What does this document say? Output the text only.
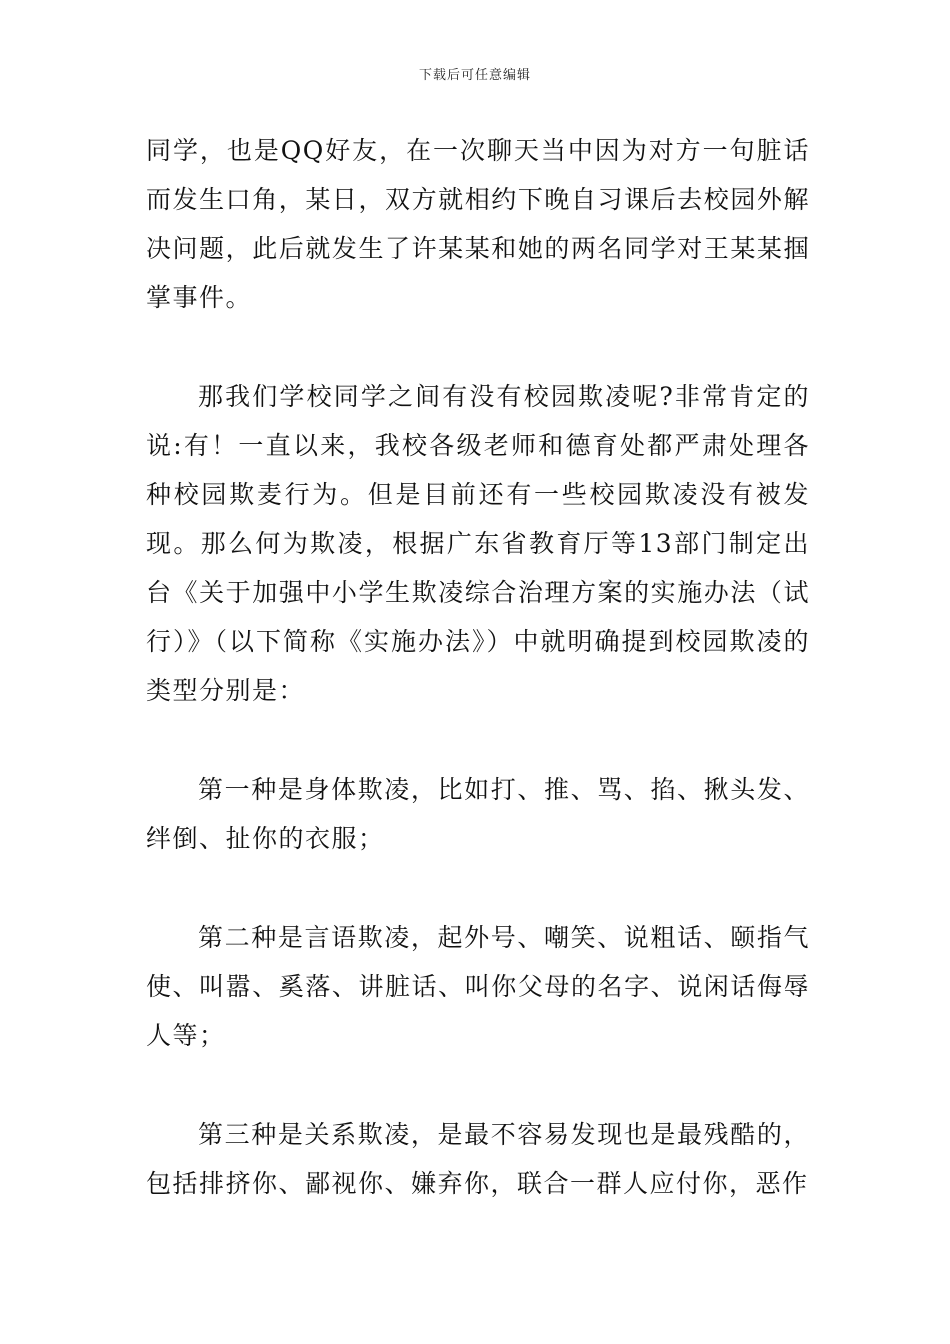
下载后可任意编辑

同学，也是QQ好友，在一次聊天当中因为对方一句脏话而发生口角，某日，双方就相约下晚自习课后去校园外解决问题，此后就发生了许某某和她的两名同学对王某某掴掌事件。

那我们学校同学之间有没有校园欺凌呢?非常肯定的说:有！一直以来，我校各级老师和德育处都严肃处理各种校园欺麦行为。但是目前还有一些校园欺凌没有被发现。那么何为欺凌，根据广东省教育厅等13部门制定出台《关于加强中小学生欺凌综合治理方案的实施办法（试行）》（以下简称《实施办法》）中就明确提到校园欺凌的类型分别是：

第一种是身体欺凌，比如打、推、骂、掐、揪头发、绊倒、扯你的衣服；

第二种是言语欺凌，起外号、嘲笑、说粗话、颐指气使、叫嚣、奚落、讲脏话、叫你父母的名字、说闲话侮辱人等；

第三种是关系欺凌，是最不容易发现也是最残酷的，包括排挤你、鄙视你、嫌弃你，联合一群人应付你，恶作
